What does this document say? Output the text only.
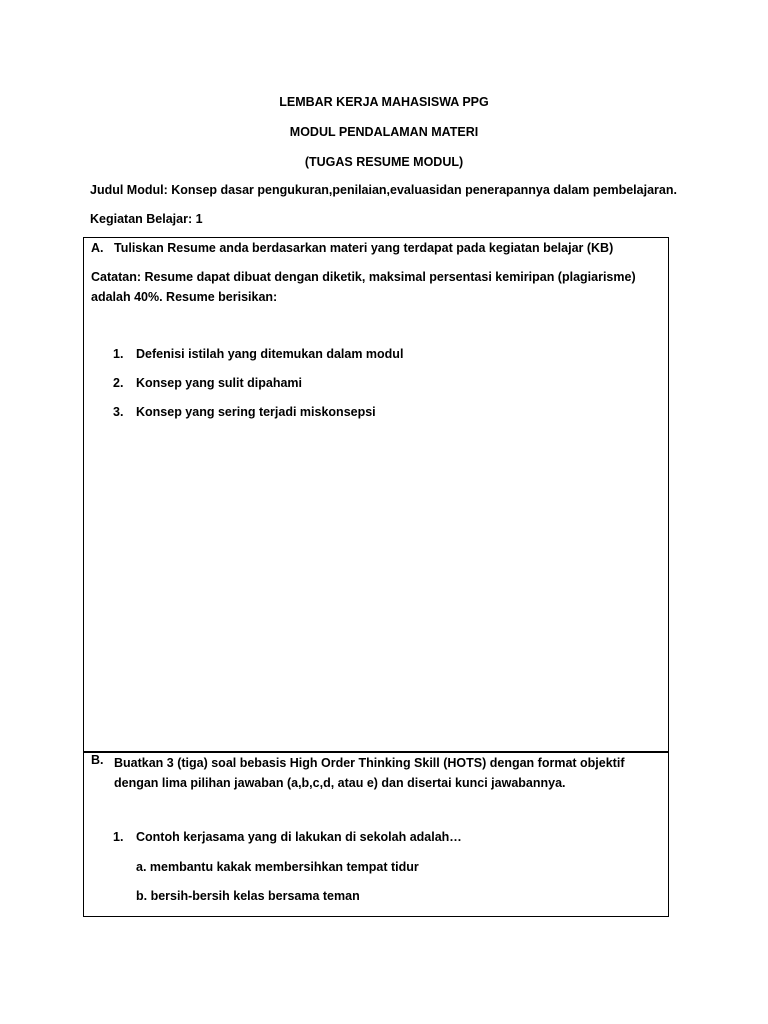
LEMBAR KERJA MAHASISWA PPG
MODUL PENDALAMAN MATERI
(TUGAS RESUME MODUL)
Judul Modul: Konsep dasar pengukuran,penilaian,evaluasidan penerapannya dalam pembelajaran.
Kegiatan Belajar: 1
A. Tuliskan Resume anda berdasarkan materi yang terdapat pada kegiatan belajar (KB)
Catatan: Resume dapat dibuat dengan diketik, maksimal persentasi kemiripan (plagiarisme) adalah 40%. Resume berisikan:
1. Defenisi istilah yang ditemukan dalam modul
2. Konsep yang sulit dipahami
3. Konsep yang sering terjadi miskonsepsi
B. Buatkan 3 (tiga) soal bebasis High Order Thinking Skill (HOTS) dengan format objektif dengan lima pilihan jawaban (a,b,c,d, atau e) dan disertai kunci jawabannya.
1. Contoh kerjasama yang di lakukan di sekolah adalah…
a. membantu kakak membersihkan tempat tidur
b. bersih-bersih kelas bersama teman
